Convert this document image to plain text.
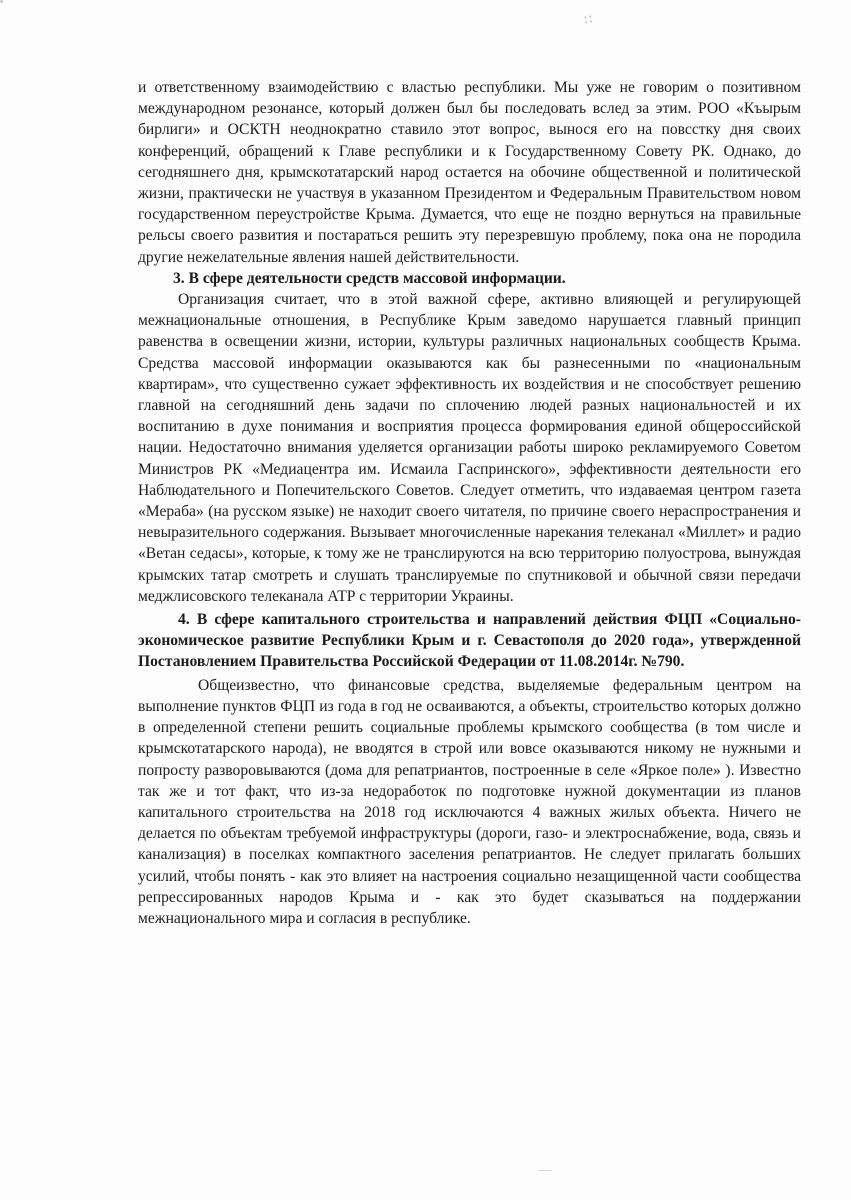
⁘

и ответственному взаимодействию с властью республики. Мы уже не говорим о позитивном международном резонансе, который должен был бы последовать вслед за этим. РОО «Къырым бирлиги» и ОСКТН неоднократно ставило этот вопрос, вынося его на повсстку дня своих конференций, обращений к Главе республики и к Государственному Совету РК. Однако, до сегодняшнего дня, крымскотатарский народ остается на обочине общественной и политической жизни, практически не участвуя в указанном Президентом и Федеральным Правительством новом государственном переустройстве Крыма. Думается, что еще не поздно вернуться на правильные рельсы своего развития и постараться решить эту перезревшую проблему, пока она не породила другие нежелательные явления нашей действительности.

3. В сфере деятельности средств массовой информации.

Организация считает, что в этой важной сфере, активно влияющей и регулирующей межнациональные отношения, в Республике Крым заведомо нарушается главный принцип равенства в освещении жизни, истории, культуры различных национальных сообществ Крыма. Средства массовой информации оказываются как бы разнесенными по «национальным квартирам», что существенно сужает эффективность их воздействия и не способствует решению главной на сегодняшний день задачи по сплочению людей разных национальностей и их воспитанию в духе понимания и восприятия процесса формирования единой общероссийской нации. Недостаточно внимания уделяется организации работы широко рекламируемого Советом Министров РК «Медиацентра им. Исмаила Гаспринского», эффективности деятельности его Наблюдательного и Попечительского Советов. Следует отметить, что издаваемая центром газета «Мераба» (на русском языке) не находит своего читателя, по причине своего нераспространения и невыразительного содержания. Вызывает многочисленные нарекания телеканал «Миллет» и радио «Ветан седасы», которые, к тому же не транслируются на всю территорию полуострова, вынуждая крымских татар смотреть и слушать транслируемые по спутниковой и обычной связи передачи меджлисовского телеканала АТР с территории Украины.

4. В сфере капитального строительства и направлений действия ФЦП «Социально-экономическое развитие Республики Крым и г. Севастополя до 2020 года», утвержденной Постановлением Правительства Российской Федерации от 11.08.2014г. №790.

Общеизвестно, что финансовые средства, выделяемые федеральным центром на выполнение пунктов ФЦП из года в год не осваиваются, а объекты, строительство которых должно в определенной степени решить социальные проблемы крымского сообщества (в том числе и крымскотатарского народа), не вводятся в строй или вовсе оказываются никому не нужными и попросту разворовываются (дома для репатриантов, построенные в селе «Яркое поле» ). Известно так же и тот факт, что из-за недоработок по подготовке нужной документации из планов капитального строительства на 2018 год исключаются 4 важных жилых объекта. Ничего не делается по объектам требуемой инфраструктуры (дороги, газо- и электроснабжение, вода, связь и канализация) в поселках компактного заселения репатриантов. Не следует прилагать больших усилий, чтобы понять - как это влияет на настроения социально незащищенной части сообщества репрессированных народов Крыма и - как это будет сказываться на поддержании межнационального мира и согласия в республике.
